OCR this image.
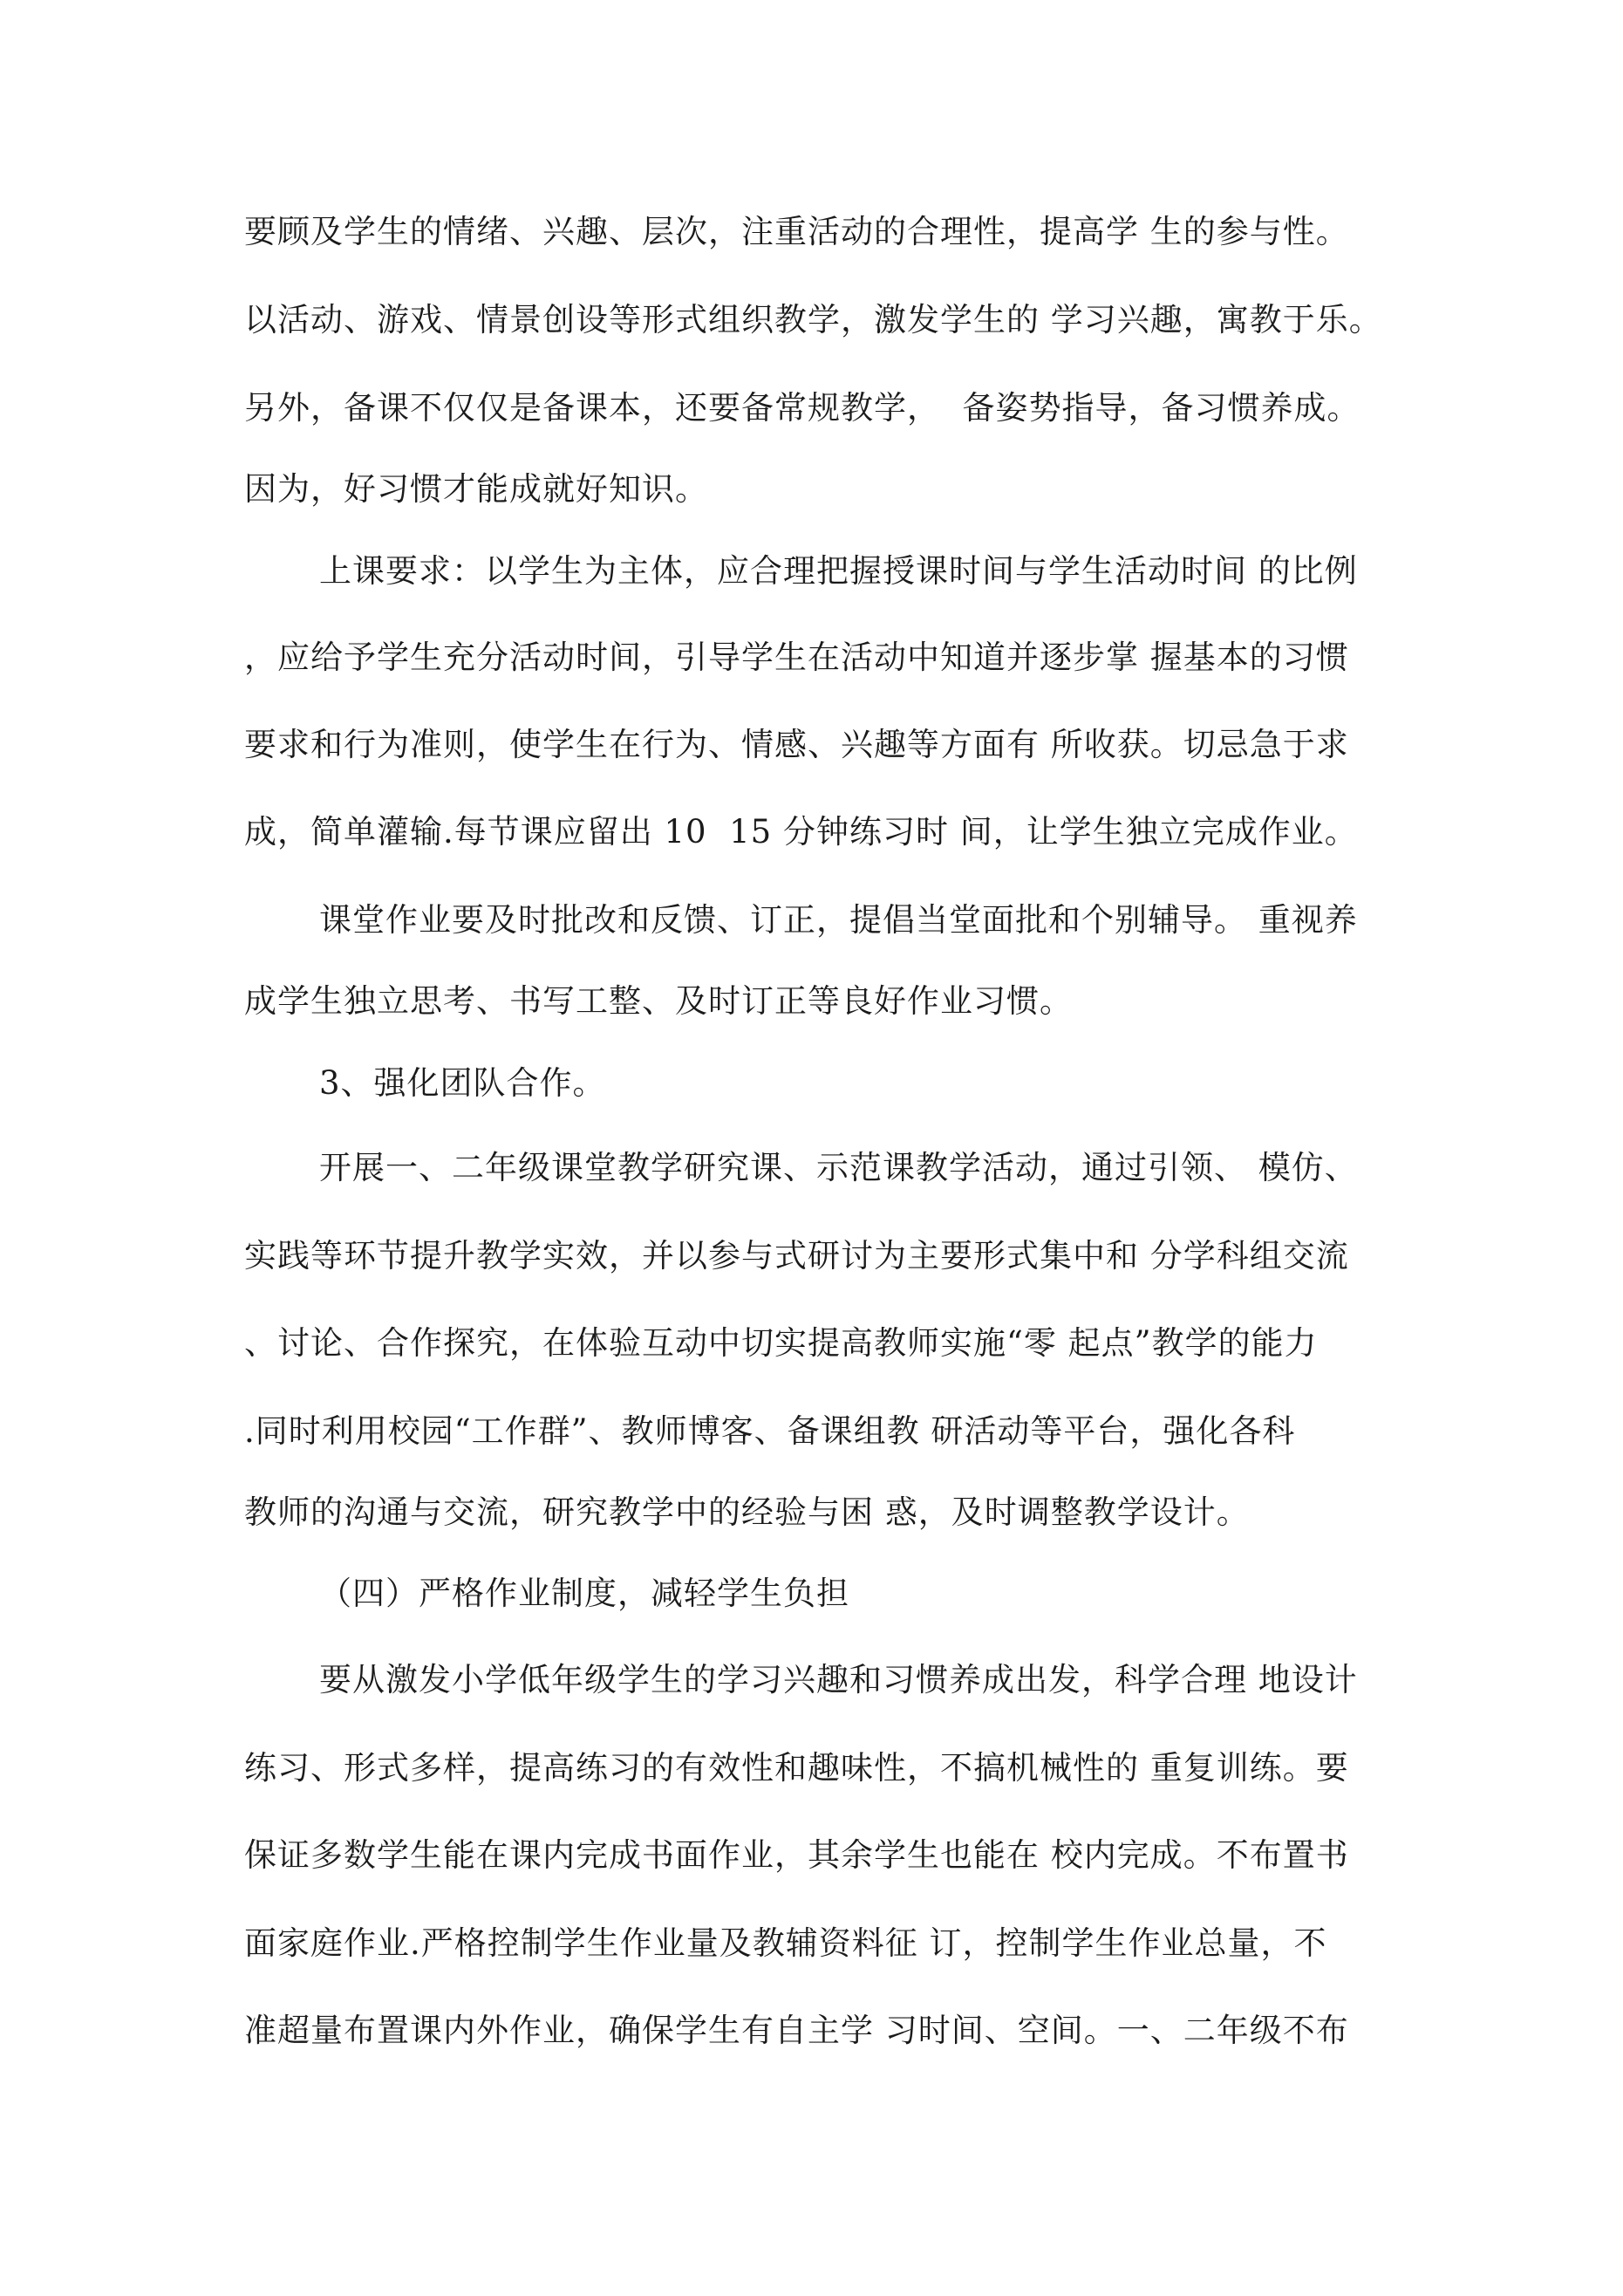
要顾及学生的情绪、兴趣、层次，注重活动的合理性，提高学 生的参与性。
以活动、游戏、情景创设等形式组织教学，激发学生的 学习兴趣，寓教于乐。
另外，备课不仅仅是备课本，还要备常规教学，  备姿势指导，备习惯养成。
因为，好习惯才能成就好知识。
上课要求：以学生为主体，应合理把握授课时间与学生活动时间 的比例
，应给予学生充分活动时间，引导学生在活动中知道并逐步掌 握基本的习惯
要求和行为准则，使学生在行为、情感、兴趣等方面有 所收获。切忌急于求
成，简单灌输.每节课应留出 10  15 分钟练习时 间，让学生独立完成作业。
课堂作业要及时批改和反馈、订正，提倡当堂面批和个别辅导。 重视养
成学生独立思考、书写工整、及时订正等良好作业习惯。
3、强化团队合作。
开展一、二年级课堂教学研究课、示范课教学活动，通过引领、 模仿、
实践等环节提升教学实效，并以参与式研讨为主要形式集中和 分学科组交流
、讨论、合作探究，在体验互动中切实提高教师实施“零 起点”教学的能力
.同时利用校园“工作群”、教师博客、备课组教 研活动等平台，强化各科
教师的沟通与交流，研究教学中的经验与困 惑，及时调整教学设计。
（四）严格作业制度，减轻学生负担
要从激发小学低年级学生的学习兴趣和习惯养成出发，科学合理 地设计
练习、形式多样，提高练习的有效性和趣味性，不搞机械性的 重复训练。要
保证多数学生能在课内完成书面作业，其余学生也能在 校内完成。不布置书
面家庭作业.严格控制学生作业量及教辅资料征 订，控制学生作业总量，不
准超量布置课内外作业，确保学生有自主学 习时间、空间。一、二年级不布
